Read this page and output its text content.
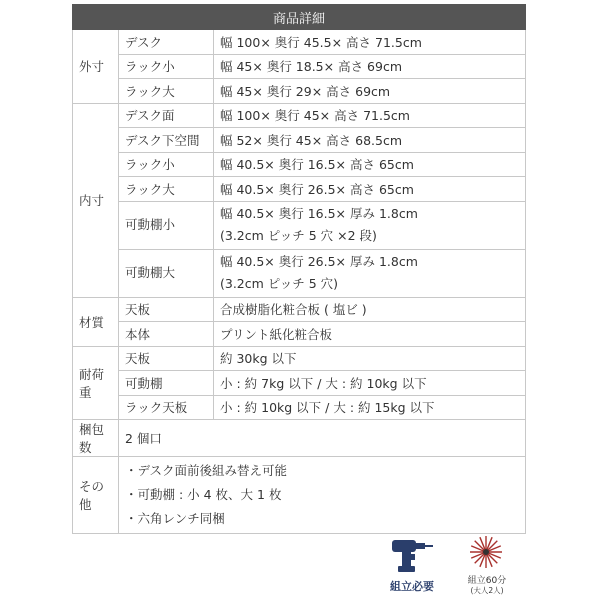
商品詳細		
外寸	デスク	幅 100× 奥行 45.5× 高さ 71.5cm
	ラック小	幅 45× 奥行 18.5× 高さ 69cm
	ラック大	幅 45× 奥行 29× 高さ 69cm
内寸	デスク面	幅 100× 奥行 45× 高さ 71.5cm
	デスク下空間	幅 52× 奥行 45× 高さ 68.5cm
	ラック小	幅 40.5× 奥行 16.5× 高さ 65cm
	ラック大	幅 40.5× 奥行 26.5× 高さ 65cm
	可動棚小	幅 40.5× 奥行 16.5× 厚み 1.8cm
(3.2cm ピッチ 5 穴 ×2 段)

	可動棚大	幅 40.5× 奥行 26.5× 厚み 1.8cm
(3.2cm ピッチ 5 穴)

材質	天板	合成樹脂化粧合板 ( 塩ビ )
	本体	プリント紙化粧合板
耐荷重	天板	約 30kg 以下
	可動棚	小 : 約 7kg 以下 / 大 : 約 10kg 以下
	ラック天板	小 : 約 10kg 以下 / 大 : 約 15kg 以下
梱包数	2 個口	
その他	・デスク面前後組み替え可能
・可動棚 : 小 4 枚、大 1 枚
・六角レンチ同梱	
組立必要	組立60分
(大人2人)
